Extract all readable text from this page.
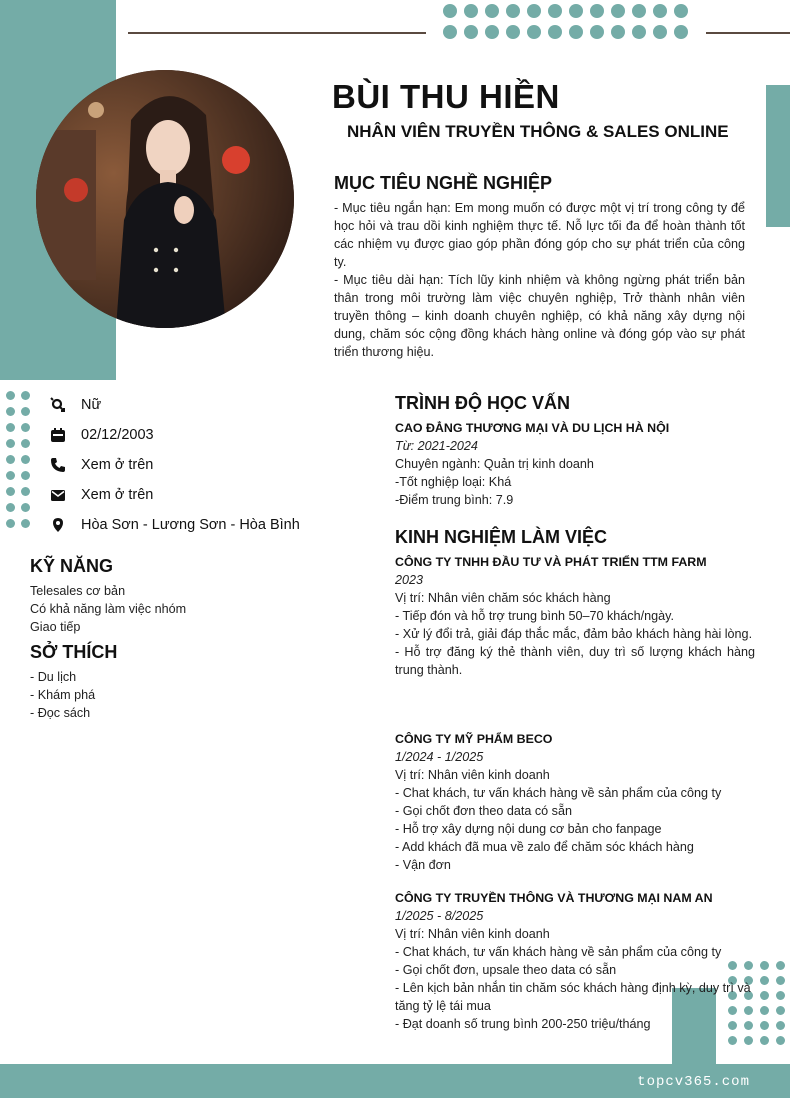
topcv365.com
BÙI THU HIỀN
NHÂN VIÊN TRUYỀN THÔNG & SALES ONLINE
MỤC TIÊU NGHỀ NGHIỆP
- Mục tiêu ngắn hạn: Em mong muốn có được một vị trí trong công ty để học hỏi và trau dồi kinh nghiệm thực tế. Nỗ lực tối đa để hoàn thành tốt các nhiệm vụ được giao góp phần đóng góp cho sự phát triển của công ty.
- Mục tiêu dài hạn: Tích lũy kinh nhiệm và không ngừng phát triển bản thân trong môi trường làm việc chuyên nghiệp, Trở thành nhân viên truyền thông – kinh doanh chuyên nghiệp, có khả năng xây dựng nội dung, chăm sóc cộng đồng khách hàng online và đóng góp vào sự phát triển thương hiệu.
Nữ
02/12/2003
Xem ở trên
Xem ở trên
Hòa Sơn - Lương Sơn - Hòa Bình
KỸ NĂNG
Telesales cơ bản
Có khả năng làm việc nhóm
Giao tiếp
SỞ THÍCH
- Du lịch
- Khám phá
- Đọc sách
TRÌNH ĐỘ HỌC VẤN
CAO ĐẲNG THƯƠNG MẠI VÀ DU LỊCH HÀ NỘI
Từ: 2021-2024
Chuyên ngành: Quản trị kinh doanh
-Tốt nghiệp loại: Khá
-Điểm trung bình: 7.9
KINH NGHIỆM LÀM VIỆC
CÔNG TY TNHH ĐẦU TƯ VÀ PHÁT TRIỂN TTM FARM
2023
Vị trí: Nhân viên chăm sóc khách hàng
- Tiếp đón và hỗ trợ trung bình 50–70 khách/ngày.
- Xử lý đổi trả, giải đáp thắc mắc, đảm bảo khách hàng hài lòng.
- Hỗ trợ đăng ký thẻ thành viên, duy trì số lượng khách hàng trung thành.
CÔNG TY MỸ PHẨM BECO
1/2024 - 1/2025
Vị trí: Nhân viên kinh doanh
- Chat khách, tư vấn khách hàng về sản phẩm của công ty
- Gọi chốt đơn theo data có sẵn
- Hỗ trợ xây dựng nội dung cơ bản cho fanpage
- Add khách đã mua về zalo để chăm sóc khách hàng
- Vận đơn
CÔNG TY TRUYỀN THÔNG VÀ THƯƠNG MẠI NAM AN
1/2025 - 8/2025
Vị trí: Nhân viên kinh doanh
- Chat khách, tư vấn khách hàng về sản phẩm của công ty
- Gọi chốt đơn, upsale theo data có sẵn
- Lên kịch bản nhắn tin chăm sóc khách hàng định kỳ, duy trì và tăng tỷ lệ tái mua
- Đạt doanh số trung bình 200-250 triệu/tháng
